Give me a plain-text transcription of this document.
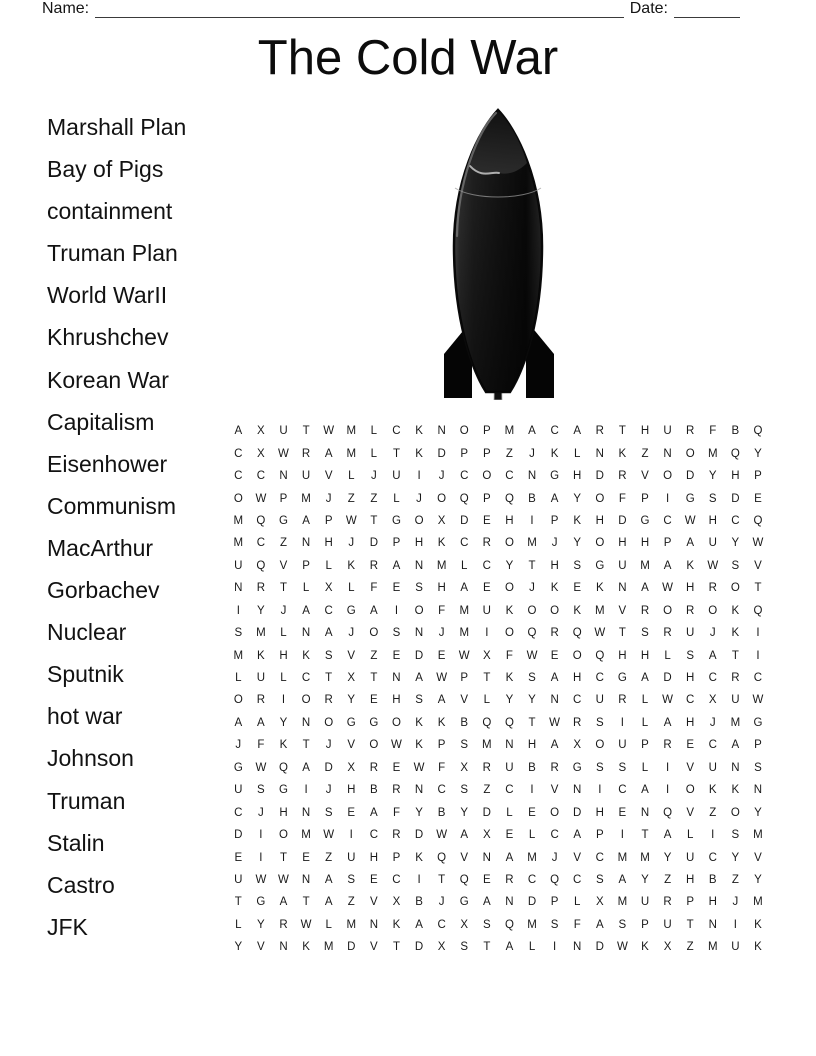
Name:	Date:
The Cold War
Marshall Plan
Bay of Pigs
containment
Truman Plan
World WarII
Khrushchev
Korean War
Capitalism
Eisenhower
Communism
MacArthur
Gorbachev
Nuclear
Sputnik
hot war
Johnson
Truman
Stalin
Castro
JFK
A	X	U	T	W	M	L	C	K	N	O	P	M	A	C	A	R	T	H	U	R	F	B	Q
C	X	W	R	A	M	L	T	K	D	P	P	Z	J	K	L	N	K	Z	N	O	M	Q	Y
C	C	N	U	V	L	J	U	I	J	C	O	C	N	G	H	D	R	V	O	D	Y	H	P
O	W	P	M	J	Z	Z	L	J	O	Q	P	Q	B	A	Y	O	F	P	I	G	S	D	E
M	Q	G	A	P	W	T	G	O	X	D	E	H	I	P	K	H	D	G	C	W	H	C	Q
M	C	Z	N	H	J	D	P	H	K	C	R	O	M	J	Y	O	H	H	P	A	U	Y	W
U	Q	V	P	L	K	R	A	N	M	L	C	Y	T	H	S	G	U	M	A	K	W	S	V
N	R	T	L	X	L	F	E	S	H	A	E	O	J	K	E	K	N	A	W	H	R	O	T
I	Y	J	A	C	G	A	I	O	F	M	U	K	O	O	K	M	V	R	O	R	O	K	Q
S	M	L	N	A	J	O	S	N	J	M	I	O	Q	R	Q	W	T	S	R	U	J	K	I
M	K	H	K	S	V	Z	E	D	E	W	X	F	W	E	O	Q	H	H	L	S	A	T	I
L	U	L	C	T	X	T	N	A	W	P	T	K	S	A	H	C	G	A	D	H	C	R	C
O	R	I	O	R	Y	E	H	S	A	V	L	Y	Y	N	C	U	R	L	W	C	X	U	W
A	A	Y	N	O	G	G	O	K	K	B	Q	Q	T	W	R	S	I	L	A	H	J	M	G
J	F	K	T	J	V	O	W	K	P	S	M	N	H	A	X	O	U	P	R	E	C	A	P
G	W	Q	A	D	X	R	E	W	F	X	R	U	B	R	G	S	S	L	I	V	U	N	S
U	S	G	I	J	H	B	R	N	C	S	Z	C	I	V	N	I	C	A	I	O	K	K	N
C	J	H	N	S	E	A	F	Y	B	Y	D	L	E	O	D	H	E	N	Q	V	Z	O	Y
D	I	O	M	W	I	C	R	D	W	A	X	E	L	C	A	P	I	T	A	L	I	S	M
E	I	T	E	Z	U	H	P	K	Q	V	N	A	M	J	V	C	M	M	Y	U	C	Y	V
U	W	W	N	A	S	E	C	I	T	Q	E	R	C	Q	C	S	A	Y	Z	H	B	Z	Y
T	G	A	T	A	Z	V	X	B	J	G	A	N	D	P	L	X	M	U	R	P	H	J	M
L	Y	R	W	L	M	N	K	A	C	X	S	Q	M	S	F	A	S	P	U	T	N	I	K
Y	V	N	K	M	D	V	T	D	X	S	T	A	L	I	N	D	W	K	X	Z	M	U	K
